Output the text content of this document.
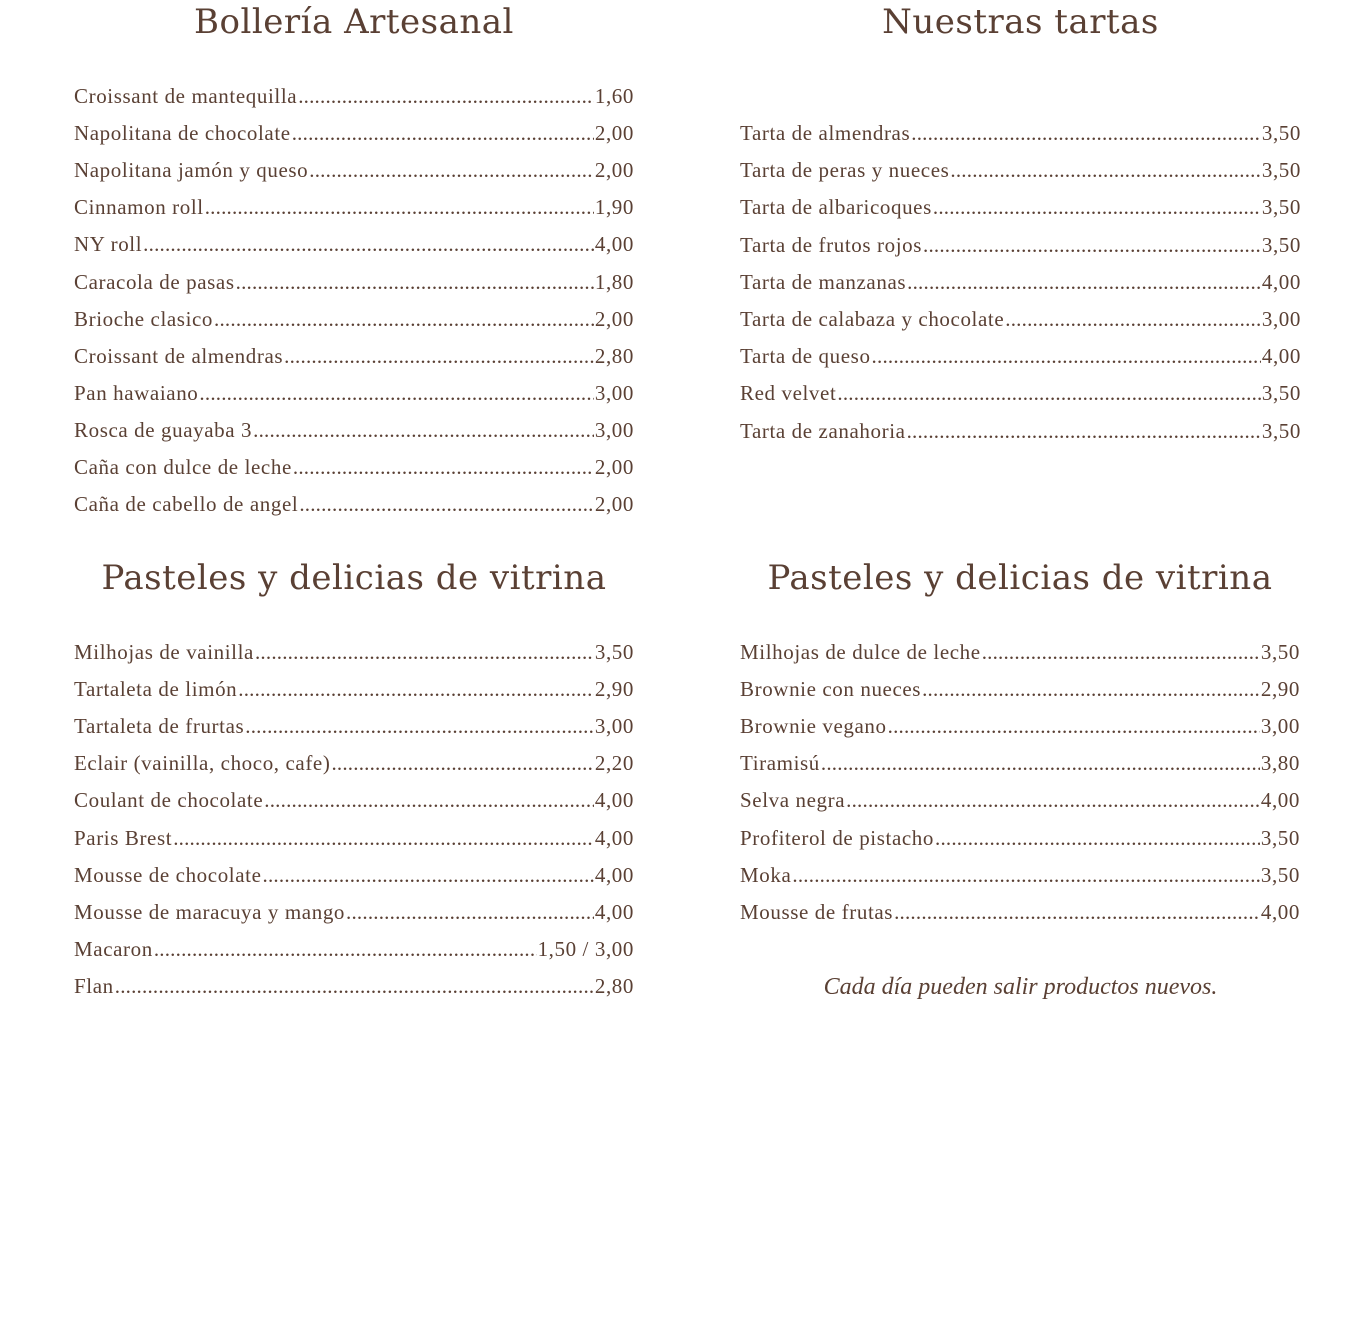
Bollería Artesanal
Croissant de mantequilla .....	1,60
Napolitana de chocolate .....	2,00
Napolitana jamón y queso .....	2,00
Cinnamon roll .....	1,90
NY roll .....	4,00
Caracola de pasas .....	1,80
Brioche clasico .....	2,00
Croissant de almendras .....	2,80
Pan hawaiano .....	3,00
Rosca de guayaba 3 .....	3,00
Caña con dulce de leche .....	2,00
Caña de cabello de angel .....	2,00
Nuestras tartas
Tarta de almendras .....	3,50
Tarta de peras y nueces .....	3,50
Tarta de albaricoques .....	3,50
Tarta de frutos rojos .....	3,50
Tarta de manzanas .....	4,00
Tarta de calabaza y chocolate .....	3,00
Tarta de queso .....	4,00
Red velvet .....	3,50
Tarta de zanahoria .....	3,50
Pasteles y delicias de vitrina
Milhojas de vainilla .....	3,50
Tartaleta de limón .....	2,90
Tartaleta de frurtas .....	3,00
Eclair (vainilla, choco, cafe) .....	2,20
Coulant de chocolate .....	4,00
Paris Brest .....	4,00
Mousse de chocolate .....	4,00
Mousse de maracuya y mango .....	4,00
Macaron .....	1,50 / 3,00
Flan .....	2,80
Pasteles y delicias de vitrina
Milhojas de dulce de leche .....	3,50
Brownie con nueces .....	2,90
Brownie vegano .....	3,00
Tiramisú .....	3,80
Selva negra .....	4,00
Profiterol de pistacho .....	3,50
Moka .....	3,50
Mousse de frutas .....	4,00
Cada día pueden salir productos nuevos.
